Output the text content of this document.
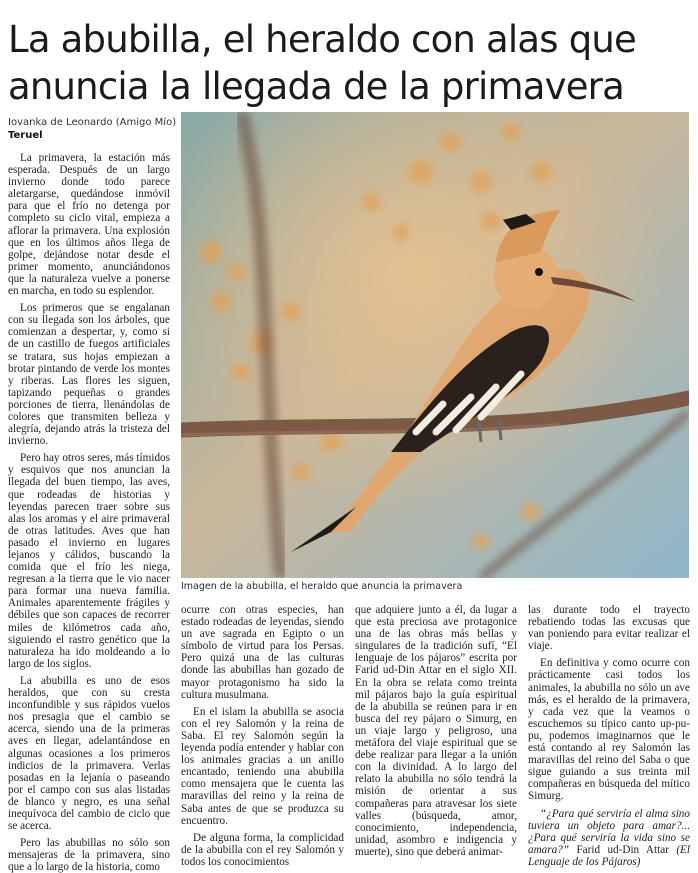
La abubilla, el heraldo con alas que anuncia la llegada de la primavera
Iovanka de Leonardo (Amigo Mío)
Teruel
Imagen de la abubilla, el heraldo que anuncia la primavera

La primavera, la estación más esperada. Después de un largo invierno donde todo parece aletargarse, quedándose inmóvil para que el frío no detenga por completo su ciclo vital, empieza a aflorar la primavera. Una explosión que en los últimos años llega de golpe, dejándose notar desde el primer momento, anunciándonos que la naturaleza vuelve a ponerse en marcha, en todo su esplendor.

Los primeros que se engalanan con su llegada son los árboles, que comienzan a despertar, y, como si de un castillo de fuegos artificiales se tratara, sus hojas empiezan a brotar pintando de verde los montes y riberas. Las flores les siguen, tapizando pequeñas o grandes porciones de tierra, llenándolas de colores que transmiten belleza y alegría, dejando atrás la tristeza del invierno.

Pero hay otros seres, más tímidos y esquivos que nos anuncian la llegada del buen tiempo, las aves, que rodeadas de historias y leyendas parecen traer sobre sus alas los aromas y el aire primaveral de otras latitudes. Aves que han pasado el invierno en lugares lejanos y cálidos, buscando la comida que el frío les niega, regresan a la tierra que le vio nacer para formar una nueva familia. Animales aparentemente frágiles y débiles que son capaces de recorrer miles de kilómetros cada año, siguiendo el rastro genético que la naturaleza ha ido moldeando a lo largo de los siglos.

La abubilla es uno de esos heraldos, que con su cresta inconfundible y sus rápidos vuelos nos presagia que el cambio se acerca, siendo una de la primeras aves en llegar, adelantándose en algunas ocasiones a los primeros indicios de la primavera. Verlas posadas en la lejanía o paseando por el campo con sus alas listadas de blanco y negro, es una señal inequívoca del cambio de ciclo que se acerca.

Pero las abubillas no sólo son mensajeras de la primavera, sino que a lo largo de la historia, como

ocurre con otras especies, han estado rodeadas de leyendas, siendo un ave sagrada en Egipto o un símbolo de virtud para los Persas. Pero quizá una de las culturas donde las abubillas han gozado de mayor protagonismo ha sido la cultura musulmana.

En el islam la abubilla se asocia con el rey Salomón y la reina de Saba. El rey Salomón según la leyenda podía entender y hablar con los animales gracias a un anillo encantado, teniendo una abubilla como mensajera que le cuenta las maravillas del reino y la reina de Saba antes de que se produzca su encuentro.

De alguna forma, la complicidad de la abubilla con el rey Salomón y todos los conocimientos

que adquiere junto a él, da lugar a que esta preciosa ave protagonice una de las obras más bellas y singulares de la tradición sufí, “El lenguaje de los pájaros” escrita por Farid ud-Din Attar en el siglo XII. En la obra se relata como treinta mil pájaros bajo la guía espiritual de la abubilla se reúnen para ir en busca del rey pájaro o Simurg, en un viaje largo y peligroso, una metáfora del viaje espiritual que se debe realizar para llegar a la unión con la divinidad. A lo largo del relato la abubilla no sólo tendrá la misión de orientar a sus compañeras para atravesar los siete valles (búsqueda, amor, conocimiento, independencia, unidad, asombro e indigencia y muerte), sino que deberá animar-

las durante todo el trayecto rebatiendo todas las excusas que van poniendo para evitar realizar el viaje.

En definitiva y como ocurre con prácticamente casi todos los animales, la abubilla no sólo un ave más, es el heraldo de la primavera, y cada vez que la veamos o escuchemos su típico canto up-pu-pu, podemos imaginarnos que le está contando al rey Salomón las maravillas del reino del Saba o que sigue guiando a sus treinta mil compañeras en búsqueda del mítico Simurg.

“¿Para qué serviría el alma sino tuviera un objeto para amar?...¿Para qué serviría la vida sino se amara?” Farid ud-Din Attar (El Lenguaje de los Pájaros)
